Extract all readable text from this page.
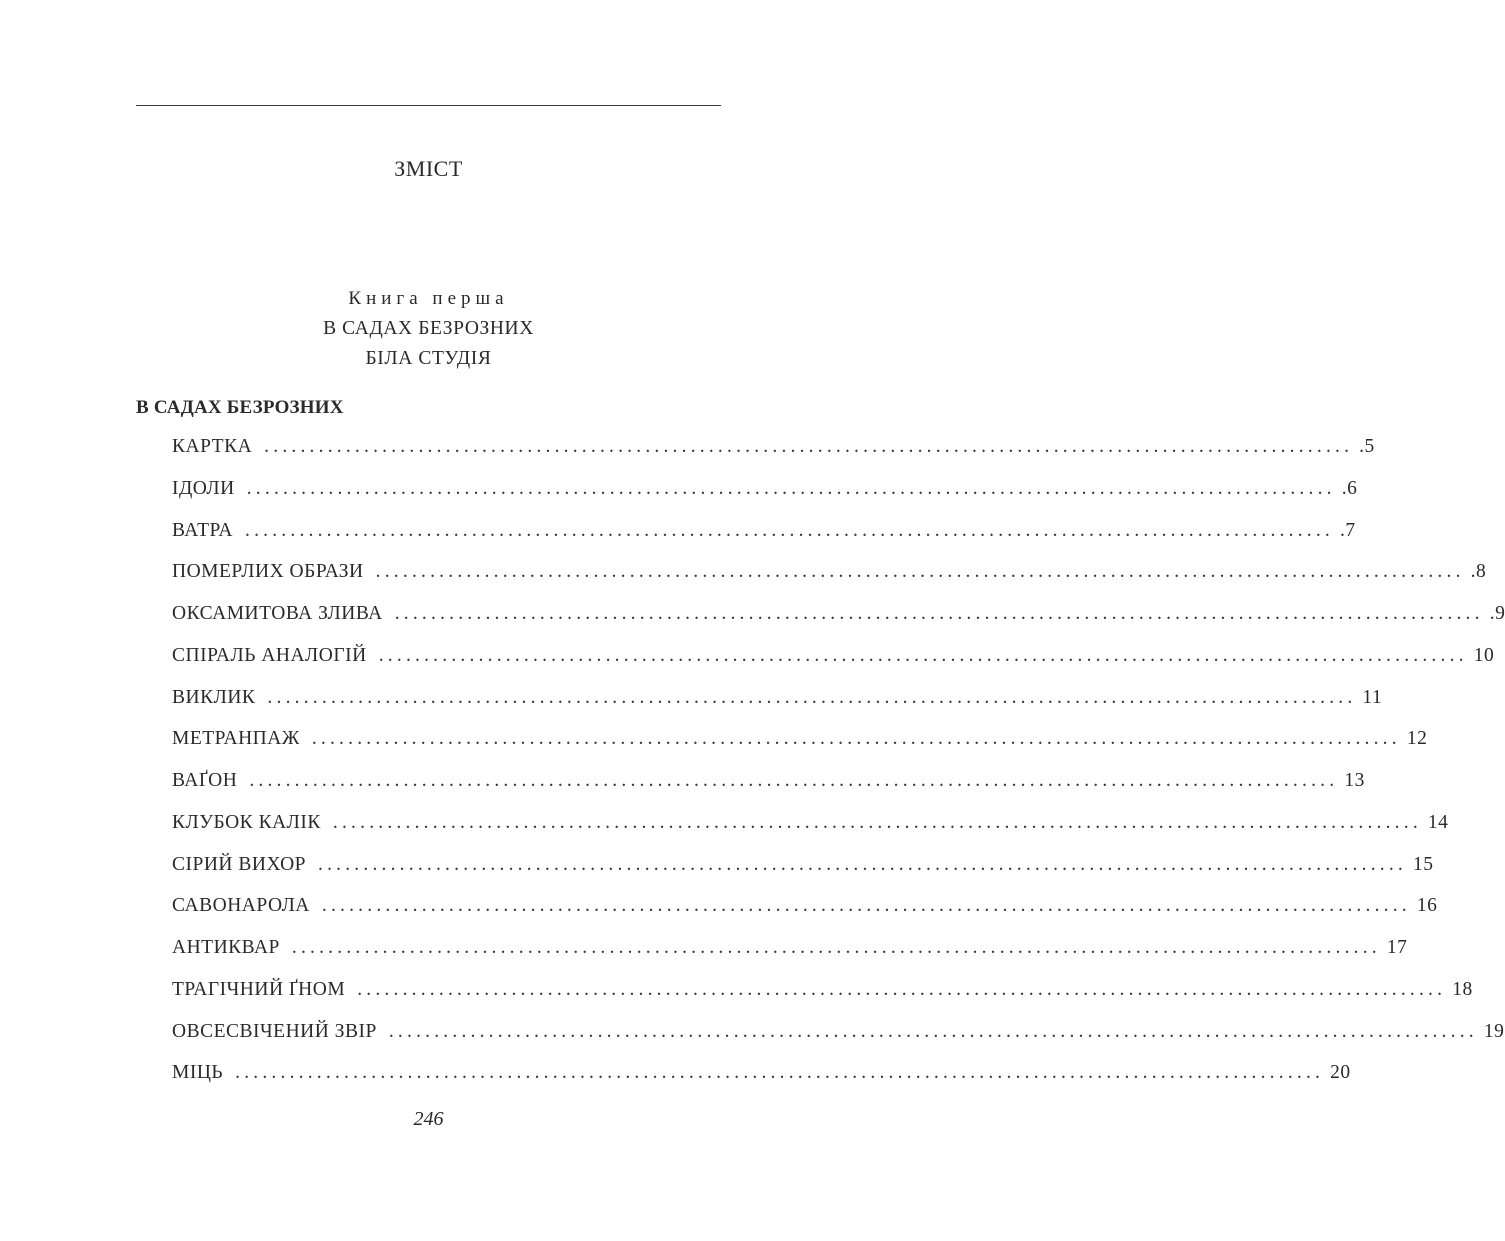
ЗМІСТ
Книга перша
В САДАХ БЕЗРОЗНИХ
БІЛА СТУДІЯ
В САДАХ БЕЗРОЗНИХ
КАРТКА ........................................................................................................................ .5
ІДОЛИ ........................................................................................................................ .6
ВАТРА ........................................................................................................................ .7
ПОМЕРЛИХ ОБРАЗИ ........................................................................................................................ .8
ОКСАМИТОВА ЗЛИВА ........................................................................................................................ .9
СПІРАЛЬ АНАЛОГІЙ ........................................................................................................................ 10
ВИКЛИК ........................................................................................................................ 11
МЕТРАНПАЖ ........................................................................................................................ 12
ВАҐОН ........................................................................................................................ 13
КЛУБОК КАЛІК ........................................................................................................................ 14
СІРИЙ ВИХОР ........................................................................................................................ 15
САВОНАРОЛА ........................................................................................................................ 16
АНТИКВАР ........................................................................................................................ 17
ТРАГІЧНИЙ ҐНОМ ........................................................................................................................ 18
ОВСЕСВІЧЕНИЙ ЗВІР ........................................................................................................................ 19
МІЦЬ ........................................................................................................................ 20
246
